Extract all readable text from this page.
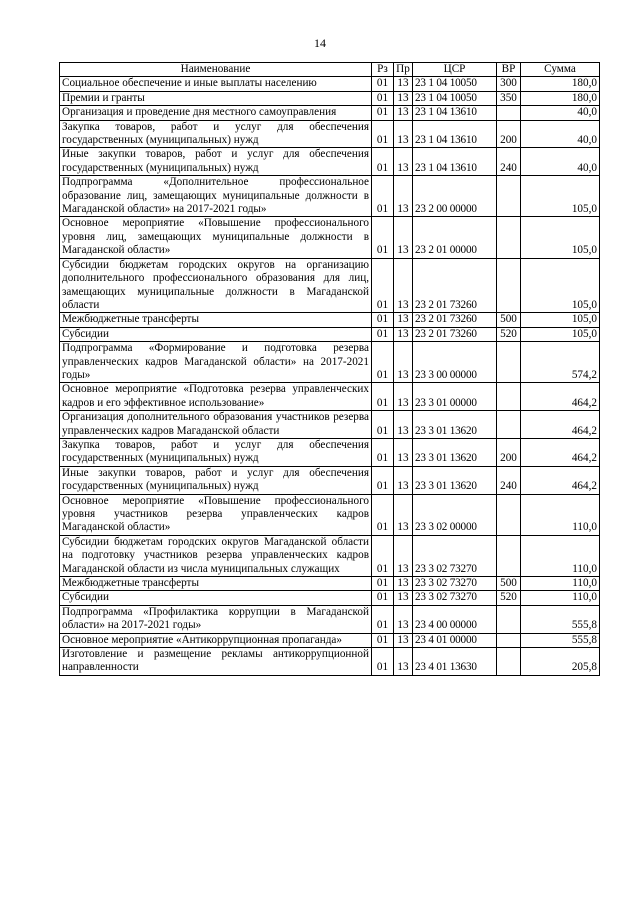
14
Наименование	Рз	Пр	ЦСР	ВР	Сумма
Социальное обеспечение и иные выплаты населению	01	13	23 1 04 10050	300	180,0
Премии и гранты	01	13	23 1 04 10050	350	180,0
Организация и проведение дня местного самоуправления	01	13	23 1 04 13610		40,0
Закупка товаров, работ и услуг для обеспечения государственных (муниципальных) нужд	01	13	23 1 04 13610	200	40,0
Иные закупки товаров, работ и услуг для обеспечения государственных (муниципальных) нужд	01	13	23 1 04 13610	240	40,0
Подпрограмма «Дополнительное профессиональное образование лиц, замещающих муниципальные должности в Магаданской области» на 2017-2021 годы»	01	13	23 2 00 00000		105,0
Основное мероприятие «Повышение профессионального уровня лиц, замещающих муниципальные должности в Магаданской области»	01	13	23 2 01 00000		105,0
Субсидии бюджетам городских округов на организацию дополнительного профессионального образования для лиц, замещающих муниципальные должности в Магаданской области	01	13	23 2 01 73260		105,0
Межбюджетные трансферты	01	13	23 2 01 73260	500	105,0
Субсидии	01	13	23 2 01 73260	520	105,0
Подпрограмма «Формирование и подготовка резерва управленческих кадров Магаданской области» на 2017-2021 годы»	01	13	23 3 00 00000		574,2
Основное мероприятие «Подготовка резерва управленческих кадров и его эффективное использование»	01	13	23 3 01 00000		464,2
Организация дополнительного образования участников резерва управленческих кадров Магаданской области	01	13	23 3 01 13620		464,2
Закупка товаров, работ и услуг для обеспечения государственных (муниципальных) нужд	01	13	23 3 01 13620	200	464,2
Иные закупки товаров, работ и услуг для обеспечения государственных (муниципальных) нужд	01	13	23 3 01 13620	240	464,2
Основное мероприятие «Повышение профессионального уровня участников резерва управленческих кадров Магаданской области»	01	13	23 3 02 00000		110,0
Субсидии бюджетам городских округов Магаданской области на подготовку участников резерва управленческих кадров Магаданской области из числа муниципальных служащих	01	13	23 3 02 73270		110,0
Межбюджетные трансферты	01	13	23 3 02 73270	500	110,0
Субсидии	01	13	23 3 02 73270	520	110,0
Подпрограмма «Профилактика коррупции в Магаданской области» на 2017-2021 годы»	01	13	23 4 00 00000		555,8
Основное мероприятие «Антикоррупционная пропаганда»	01	13	23 4 01 00000		555,8
Изготовление и размещение рекламы антикоррупционной направленности	01	13	23 4 01 13630		205,8
